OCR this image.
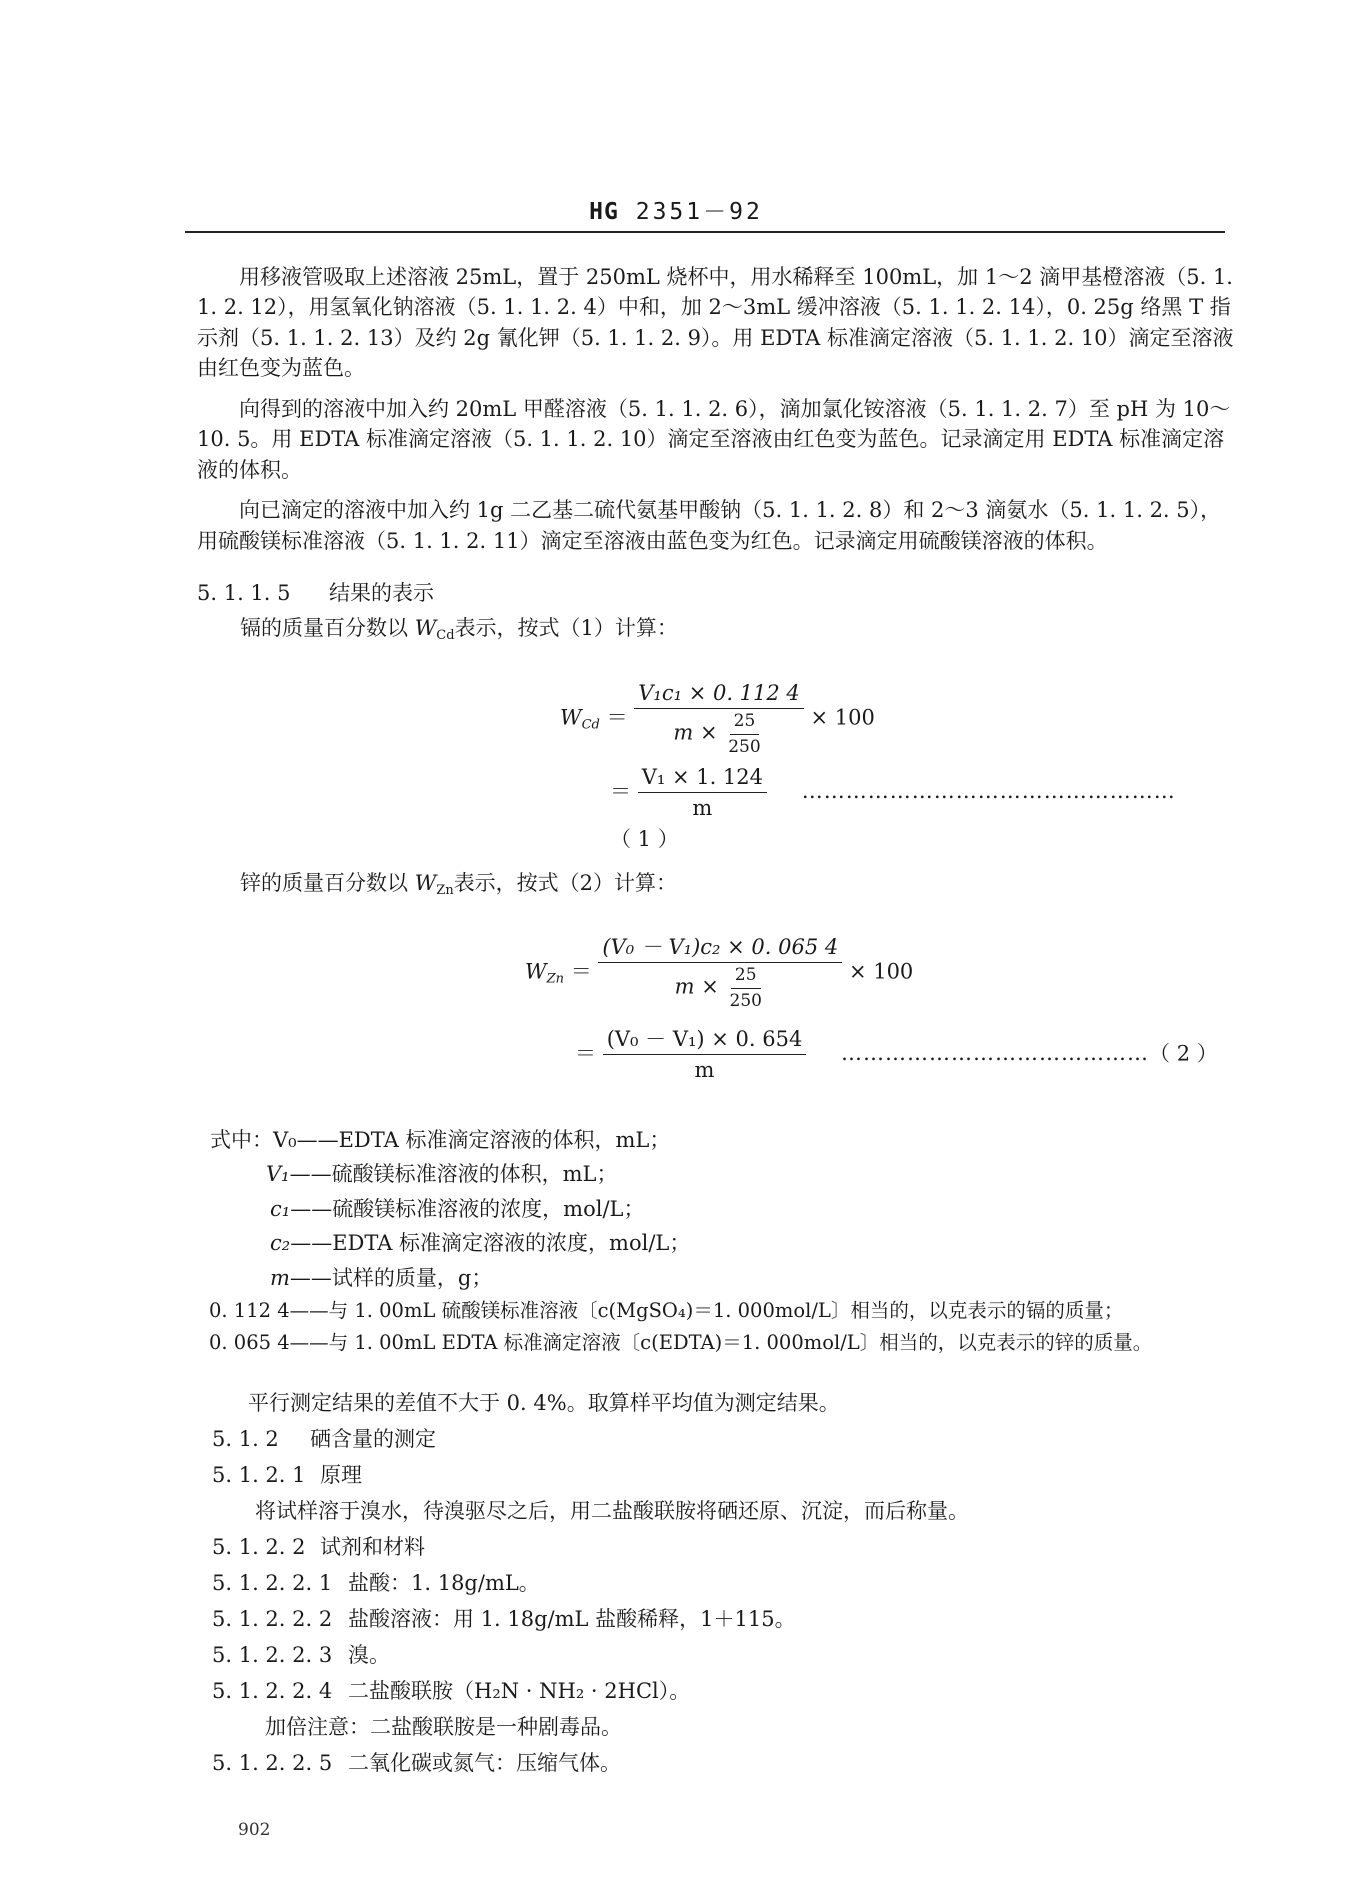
HG 2351－92

用移液管吸取上述溶液 25mL，置于 250mL 烧杯中，用水稀释至 100mL，加 1～2 滴甲基橙溶液（5. 1. 1. 2. 12），用氢氧化钠溶液（5. 1. 1. 2. 4）中和，加 2～3mL 缓冲溶液（5. 1. 1. 2. 14），0. 25g 络黑 T 指示剂（5. 1. 1. 2. 13）及约 2g 氰化钾（5. 1. 1. 2. 9）。用 EDTA 标准滴定溶液（5. 1. 1. 2. 10）滴定至溶液由红色变为蓝色。

向得到的溶液中加入约 20mL 甲醛溶液（5. 1. 1. 2. 6），滴加氯化铵溶液（5. 1. 1. 2. 7）至 pH 为 10～10. 5。用 EDTA 标准滴定溶液（5. 1. 1. 2. 10）滴定至溶液由红色变为蓝色。记录滴定用 EDTA 标准滴定溶液的体积。

向已滴定的溶液中加入约 1g 二乙基二硫代氨基甲酸钠（5. 1. 1. 2. 8）和 2～3 滴氨水（5. 1. 1. 2. 5），用硫酸镁标准溶液（5. 1. 1. 2. 11）滴定至溶液由蓝色变为红色。记录滴定用硫酸镁溶液的体积。

5. 1. 1. 5 结果的表示
镉的质量百分数以 $W_{Cd}$表示，按式（1）计算：
$W_{Cd} = \frac{\text{V₁c₁ × 0. 112 4}}{m \times \frac{25}{250}} \times 100$
＝ $\frac{\text{V₁ × 1. 124}}{m}$ ……………………………………………（ 1 ）
锌的质量百分数以 $W_{Zn}$表示，按式（2）计算：
$W_{Zn} = \frac{\text{(V₀ － V₁)c₂ × 0. 065 4}}{m \times \frac{25}{250}} \times 100$
＝ $\frac{\text{(V₀ － V₁) × 0. 654}}{m}$ ……………………………………（ 2 ）
式中：V₀——EDTA 标准滴定溶液的体积，mL；
V₁——硫酸镁标准溶液的体积，mL；
c₁——硫酸镁标准溶液的浓度，mol/L；
c₂——EDTA 标准滴定溶液的浓度，mol/L；
m——试样的质量，g；
0. 112 4——与 1. 00mL 硫酸镁标准溶液〔c(MgSO₄)＝1. 000mol/L〕相当的，以克表示的镉的质量；
0. 065 4——与 1. 00mL EDTA 标准滴定溶液〔c(EDTA)＝1. 000mol/L〕相当的，以克表示的锌的质量。
平行测定结果的差值不大于 0. 4%。取算样平均值为测定结果。
5. 1. 2 硒含量的测定
5. 1. 2. 1 原理
将试样溶于溴水，待溴驱尽之后，用二盐酸联胺将硒还原、沉淀，而后称量。
5. 1. 2. 2 试剂和材料
5. 1. 2. 2. 1 盐酸：1. 18g/mL。
5. 1. 2. 2. 2 盐酸溶液：用 1. 18g/mL 盐酸稀释，1＋115。
5. 1. 2. 2. 3 溴。
5. 1. 2. 2. 4 二盐酸联胺（H₂N · NH₂ · 2HCl）。
加倍注意：二盐酸联胺是一种剧毒品。
5. 1. 2. 2. 5 二氧化碳或氮气：压缩气体。
902
